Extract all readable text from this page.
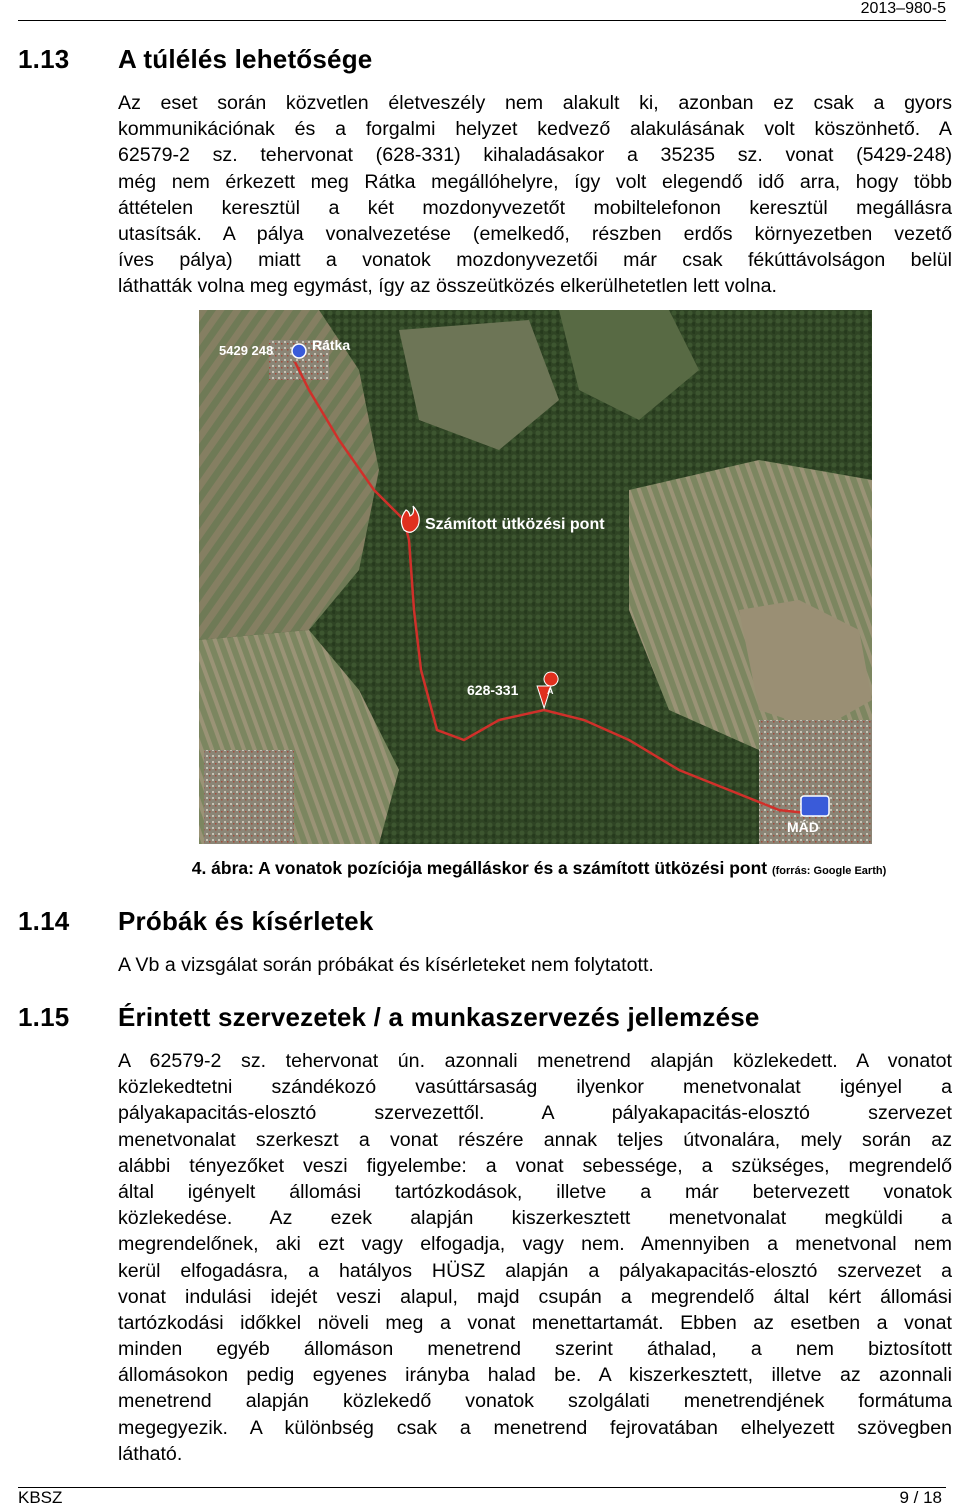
2013–980-5
1.13 A túlélés lehetősége
Az eset során közvetlen életveszély nem alakult ki, azonban ez csak a gyors
kommunikációnak és a forgalmi helyzet kedvező alakulásának volt köszönhető. A
62579-2 sz. tehervonat (628-331) kihaladásakor a 35235 sz. vonat (5429-248)
még nem érkezett meg Rátka megállóhelyre, így volt elegendő idő arra, hogy több
áttételen keresztül a két mozdonyvezetőt mobiltelefonon keresztül megállásra
utasítsák. A pálya vonalvezetése (emelkedő, részben erdős környezetben vezető
íves pálya) miatt a vonatok mozdonyvezetői már csak fékúttávolságon belül
láthatták volna meg egymást, így az összeütközés elkerülhetetlen lett volna.
5429 248	Rátka
Számított ütközési pont
628-331	A
MÁD
4. ábra: A vonatok pozíciója megálláskor és a számított ütközési pont (forrás: Google Earth)
1.14 Próbák és kísérletek
A Vb a vizsgálat során próbákat és kísérleteket nem folytatott.
1.15 Érintett szervezetek / a munkaszervezés jellemzése
A 62579-2 sz. tehervonat ún. azonnali menetrend alapján közlekedett. A vonatot
közlekedtetni szándékozó vasúttársaság ilyenkor menetvonalat igényel a
pályakapacitás-elosztó szervezettől. A pályakapacitás-elosztó szervezet
menetvonalat szerkeszt a vonat részére annak teljes útvonalára, mely során az
alábbi tényezőket veszi figyelembe: a vonat sebessége, a szükséges, megrendelő
által igényelt állomási tartózkodások, illetve a már betervezett vonatok
közlekedése. Az ezek alapján kiszerkesztett menetvonalat megküldi a
megrendelőnek, aki ezt vagy elfogadja, vagy nem. Amennyiben a menetvonal nem
kerül elfogadásra, a hatályos HÜSZ alapján a pályakapacitás-elosztó szervezet a
vonat indulási idejét veszi alapul, majd csupán a megrendelő által kért állomási
tartózkodási időkkel növeli meg a vonat menettartamát. Ebben az esetben a vonat
minden egyéb állomáson menetrend szerint áthalad, a nem biztosított
állomásokon pedig egyenes irányba halad be. A kiszerkesztett, illetve az azonnali
menetrend alapján közlekedő vonatok szolgálati menetrendjének formátuma
megegyezik. A különbség csak a menetrend fejrovatában elhelyezett szövegben
látható.
KBSZ	9 / 18
